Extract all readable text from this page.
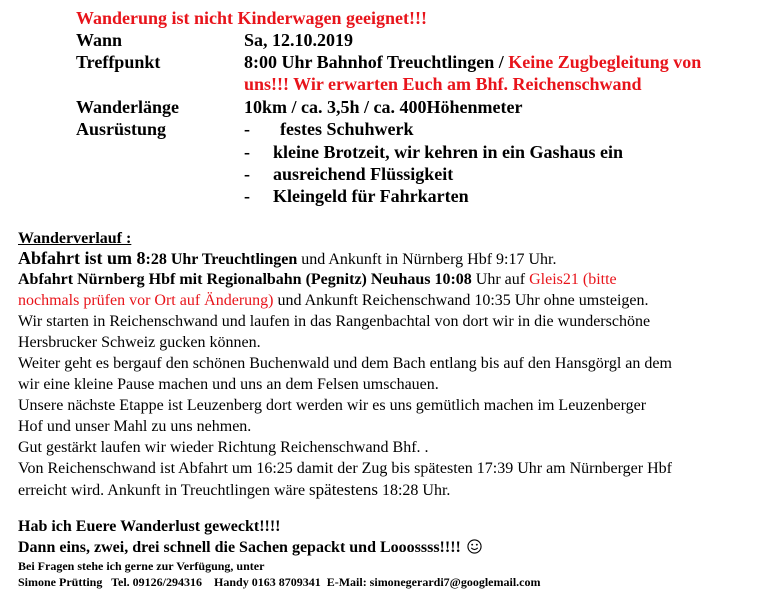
Wanderung ist nicht Kinderwagen geeignet!!!
Wann	Sa, 12.10.2019
Treffpunkt	8:00 Uhr Bahnhof Treuchtlingen / Keine Zugbegleitung von
uns!!! Wir erwarten Euch am Bhf. Reichenschwand
Wanderlänge	10km / ca. 3,5h / ca. 400Höhenmeter
Ausrüstung	- festes Schuhwerk
- kleine Brotzeit, wir kehren in ein Gashaus ein
- ausreichend Flüssigkeit
- Kleingeld für Fahrkarten
Wanderverlauf :
Abfahrt ist um 8:28 Uhr Treuchtlingen und Ankunft in Nürnberg Hbf 9:17 Uhr.
Abfahrt Nürnberg Hbf mit Regionalbahn (Pegnitz) Neuhaus 10:08 Uhr auf Gleis21 (bitte
nochmals prüfen vor Ort auf Änderung) und Ankunft Reichenschwand 10:35 Uhr ohne umsteigen.
Wir starten in Reichenschwand und laufen in das Rangenbachtal von dort wir in die wunderschöne
Hersbrucker Schweiz gucken können.
Weiter geht es bergauf den schönen Buchenwald und dem Bach entlang bis auf den Hansgörgl an dem
wir eine kleine Pause machen und uns an dem Felsen umschauen.
Unsere nächste Etappe ist Leuzenberg dort werden wir es uns gemütlich machen im Leuzenberger
Hof und unser Mahl zu uns nehmen.
Gut gestärkt laufen wir wieder Richtung Reichenschwand Bhf. .
Von Reichenschwand ist Abfahrt um 16:25 damit der Zug bis spätesten 17:39 Uhr am Nürnberger Hbf
erreicht wird. Ankunft in Treuchtlingen wäre spätestens 18:28 Uhr.
Hab ich Euere Wanderlust geweckt!!!!
Dann eins, zwei, drei schnell die Sachen gepackt und Looossss!!!!
Bei Fragen stehe ich gerne zur Verfügung, unter
Simone Prütting   Tel. 09126/294316    Handy 0163 8709341  E-Mail: simonegerardi7@googlemail.com
